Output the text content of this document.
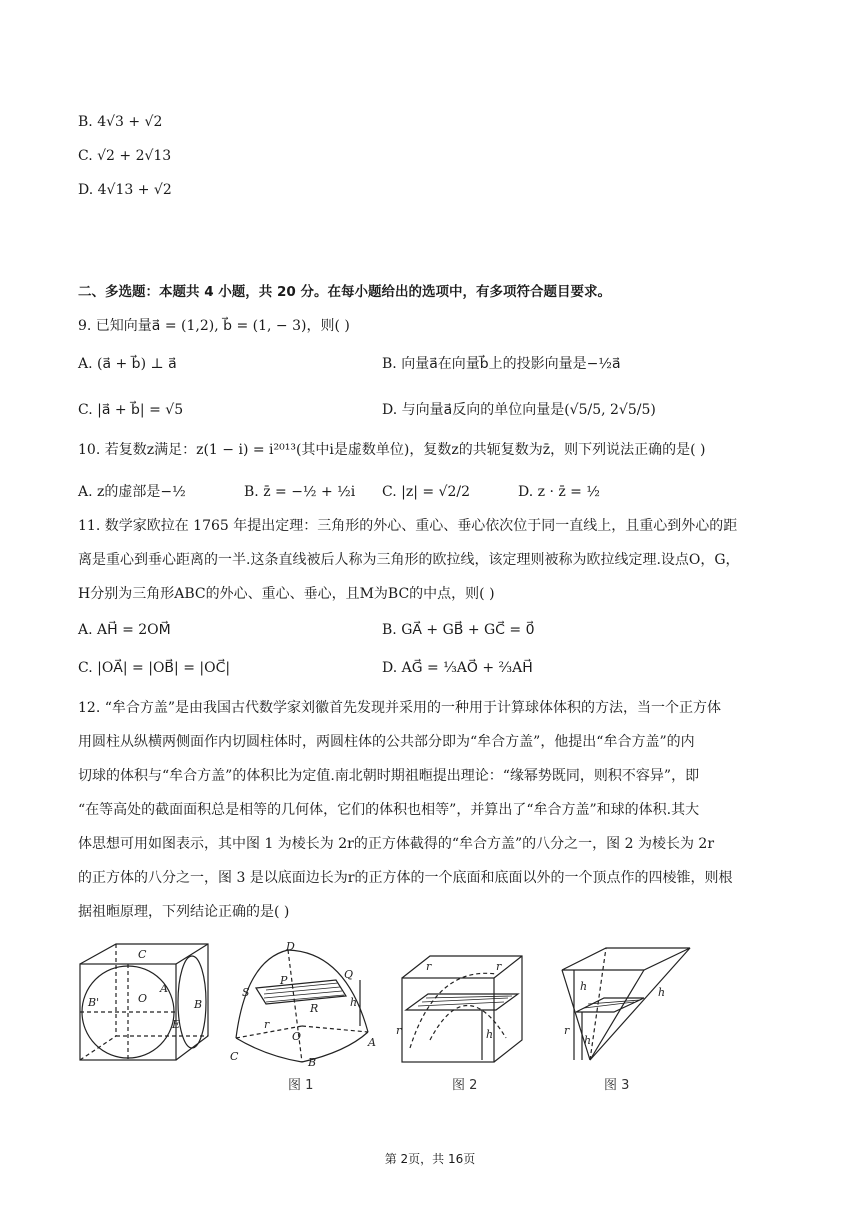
B. 4√3 + √2
C. √2 + 2√13
D. 4√13 + √2
二、多选题：本题共 4 小题，共 20 分。在每小题给出的选项中，有多项符合题目要求。
9. 已知向量a⃗ = (1,2), b⃗ = (1, − 3)，则( )
A. (a⃗ + b⃗) ⊥ a⃗	B. 向量a⃗在向量b⃗上的投影向量是−½a⃗
C. |a⃗ + b⃗| = √5	D. 与向量a⃗反向的单位向量是(√5/5, 2√5/5)
10. 若复数z满足：z(1 − i) = i²⁰¹³(其中i是虚数单位)，复数z的共轭复数为z̄，则下列说法正确的是( )
A. z的虚部是−½	B. z̄ = −½ + ½i C. |z| = √2/2	D. z · z̄ = ½
11. 数学家欧拉在 1765 年提出定理：三角形的外心、重心、垂心依次位于同一直线上，且重心到外心的距
离是重心到垂心距离的一半.这条直线被后人称为三角形的欧拉线，该定理则被称为欧拉线定理.设点O，G，
H分别为三角形ABC的外心、重心、垂心，且M为BC的中点，则( )
A. AH⃗ = 2OM⃗	B. GA⃗ + GB⃗ + GC⃗ = 0⃗
C. |OA⃗| = |OB⃗| = |OC⃗|	D. AG⃗ = ⅓AO⃗ + ⅔AH⃗
12. “牟合方盖”是由我国古代数学家刘徽首先发现并采用的一种用于计算球体体积的方法，当一个正方体
用圆柱从纵横两侧面作内切圆柱体时，两圆柱体的公共部分即为“牟合方盖”，他提出“牟合方盖”的内
切球的体积与“牟合方盖”的体积比为定值.南北朝时期祖暅提出理论：“缘幂势既同，则积不容异”，即
“在等高处的截面面积总是相等的几何体，它们的体积也相等”，并算出了“牟合方盖”和球的体积.其大
体思想可用如图表示，其中图 1 为棱长为 2r的正方体截得的“牟合方盖”的八分之一，图 2 为棱长为 2r
的正方体的八分之一，图 3 是以底面边长为r的正方体的一个底面和底面以外的一个顶点作的四棱锥，则根
据祖暅原理，下列结论正确的是( )
C
B'	O
A
B
E
D
P	Q
S
R	h
r
O	A
C	B
r	r
r	h
h	h
r
h
图 1	图 2	图 3
第 2页，共 16页
